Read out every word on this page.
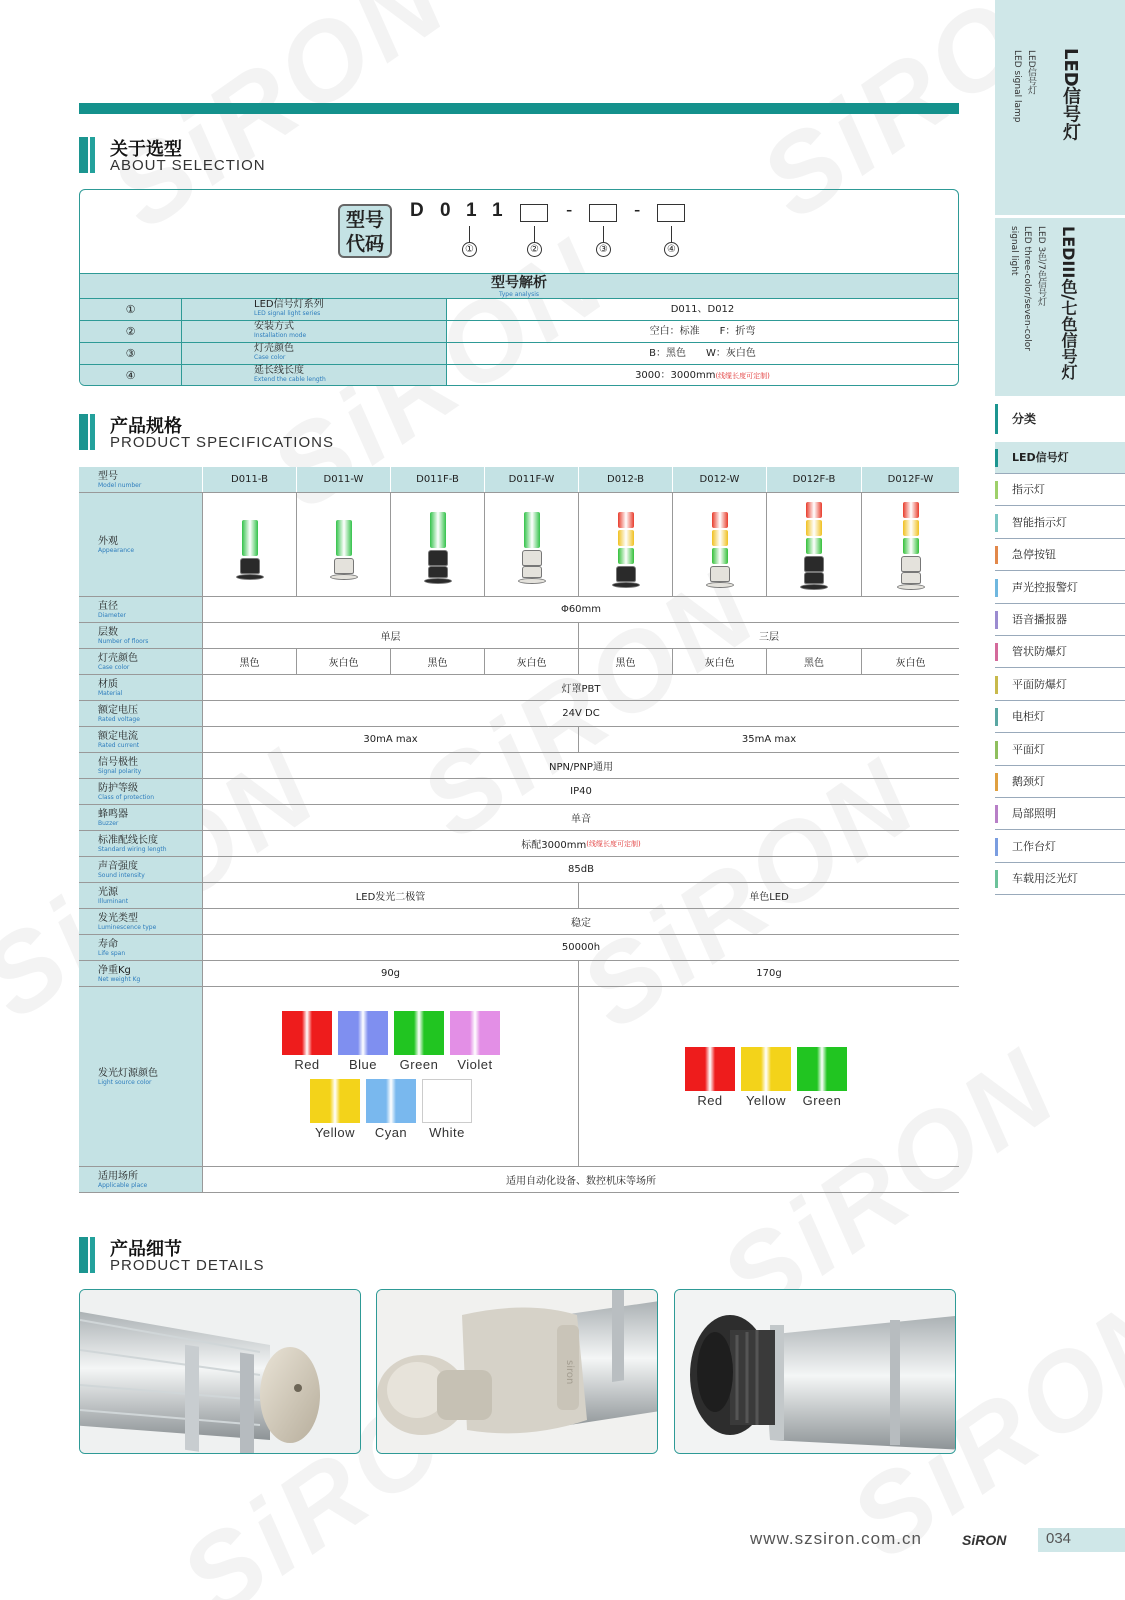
关于选型
ABOUT SELECTION
型号
代码
D 0 1 1	-	-
①	②	③	④
型号解析
Type analysis
①	LED信号灯系列
LED signal light series	D011、D012
②	安装方式
Installation mode	空白：标准　　F：折弯
③	灯壳颜色
Case color	B：黑色　　W：灰白色
④	延长线长度
Extend the cable length	3000：3000mm(线缆长度可定制)
产品规格
PRODUCT SPECIFICATIONS
型号
Model number	D011-B	D011-W	D011F-B	D011F-W	D012-B	D012-W	D012F-B	D012F-W
外观
Appearance
直径
Diameter	Φ60mm
层数
Number of floors	单层	三层
灯壳颜色
Case color	黑色	灰白色	黑色	灰白色	黑色	灰白色	黑色	灰白色
材质
Material	灯罩PBT
额定电压
Rated voltage	24V DC
额定电流
Rated current	30mA max	35mA max
信号极性
Signal polarity	NPN/PNP通用
防护等级
Class of protection	IP40
蜂鸣器
Buzzer	单音
标准配线长度
Standard wiring length	标配3000mm (线缆长度可定制)
声音强度
Sound intensity	85dB
光源
Illuminant	LED发光二极管	单色LED
发光类型
Luminescence type	稳定
寿命
Life span	50000h
净重Kg
Net weight Kg	90g	170g
发光灯源颜色
Light source color
Red	Blue	Green	Violet
Yellow	Cyan	White
Red	Yellow	Green
适用场所
Applicable place	适用自动化设备、数控机床等场所
产品细节
PRODUCT DETAILS
siron
LED信号灯
LED信号灯
LED signal lamp
LEDIII色/七色信号灯
LED 3色/7色信号灯
LED three-color/seven-color
signal light
分类
LED信号灯
指示灯
智能指示灯
急停按钮
声光控报警灯
语音播报器
管状防爆灯
平面防爆灯
电柜灯
平面灯
鹅颈灯
局部照明
工作台灯
车载用泛光灯
www.szsiron.com.cn	SiRON	034
